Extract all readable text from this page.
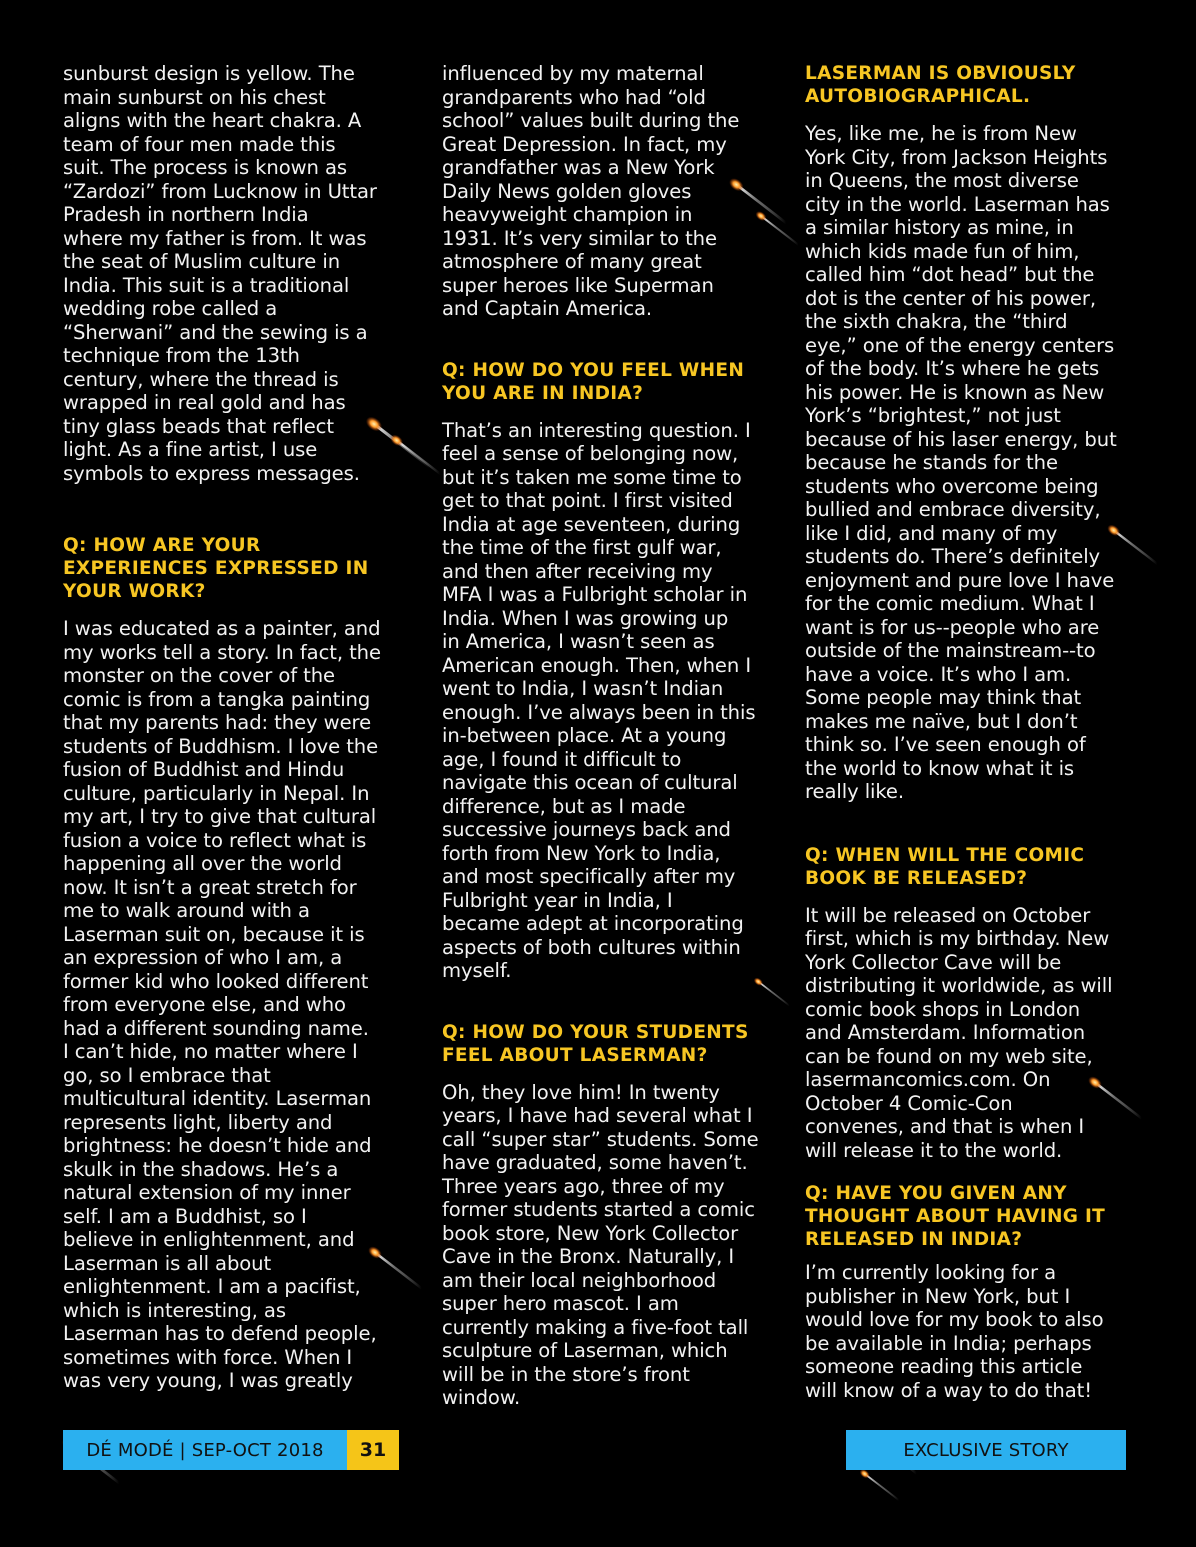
sunburst design is yellow. The
main sunburst on his chest
aligns with the heart chakra. A
team of four men made this
suit. The process is known as
“Zardozi” from Lucknow in Uttar
Pradesh in northern India
where my father is from. It was
the seat of Muslim culture in
India. This suit is a traditional
wedding robe called a
“Sherwani” and the sewing is a
technique from the 13th
century, where the thread is
wrapped in real gold and has
tiny glass beads that reflect
light. As a fine artist, I use
symbols to express messages.

Q: HOW ARE YOUR
EXPERIENCES EXPRESSED IN
YOUR WORK?

I was educated as a painter, and
my works tell a story. In fact, the
monster on the cover of the
comic is from a tangka painting
that my parents had: they were
students of Buddhism. I love the
fusion of Buddhist and Hindu
culture, particularly in Nepal. In
my art, I try to give that cultural
fusion a voice to reflect what is
happening all over the world
now. It isn’t a great stretch for
me to walk around with a
Laserman suit on, because it is
an expression of who I am, a
former kid who looked different
from everyone else, and who
had a different sounding name.
I can’t hide, no matter where I
go, so I embrace that
multicultural identity. Laserman
represents light, liberty and
brightness: he doesn’t hide and
skulk in the shadows. He’s a
natural extension of my inner
self. I am a Buddhist, so I
believe in enlightenment, and
Laserman is all about
enlightenment. I am a pacifist,
which is interesting, as
Laserman has to defend people,
sometimes with force. When I
was very young, I was greatly

influenced by my maternal
grandparents who had “old
school” values built during the
Great Depression. In fact, my
grandfather was a New York
Daily News golden gloves
heavyweight champion in
1931. It’s very similar to the
atmosphere of many great
super heroes like Superman
and Captain America.

Q: HOW DO YOU FEEL WHEN
YOU ARE IN INDIA?

That’s an interesting question. I
feel a sense of belonging now,
but it’s taken me some time to
get to that point. I first visited
India at age seventeen, during
the time of the first gulf war,
and then after receiving my
MFA I was a Fulbright scholar in
India. When I was growing up
in America, I wasn’t seen as
American enough. Then, when I
went to India, I wasn’t Indian
enough. I’ve always been in this
in-between place. At a young
age, I found it difficult to
navigate this ocean of cultural
difference, but as I made
successive journeys back and
forth from New York to India,
and most specifically after my
Fulbright year in India, I
became adept at incorporating
aspects of both cultures within
myself.

Q: HOW DO YOUR STUDENTS
FEEL ABOUT LASERMAN?

Oh, they love him! In twenty
years, I have had several what I
call “super star” students. Some
have graduated, some haven’t.
Three years ago, three of my
former students started a comic
book store, New York Collector
Cave in the Bronx. Naturally, I
am their local neighborhood
super hero mascot. I am
currently making a five-foot tall
sculpture of Laserman, which
will be in the store’s front
window.

LASERMAN IS OBVIOUSLY
AUTOBIOGRAPHICAL.

Yes, like me, he is from New
York City, from Jackson Heights
in Queens, the most diverse
city in the world. Laserman has
a similar history as mine, in
which kids made fun of him,
called him “dot head” but the
dot is the center of his power,
the sixth chakra, the “third
eye,” one of the energy centers
of the body. It’s where he gets
his power. He is known as New
York’s “brightest,” not just
because of his laser energy, but
because he stands for the
students who overcome being
bullied and embrace diversity,
like I did, and many of my
students do. There’s definitely
enjoyment and pure love I have
for the comic medium. What I
want is for us--people who are
outside of the mainstream--to
have a voice. It’s who I am.
Some people may think that
makes me naïve, but I don’t
think so. I’ve seen enough of
the world to know what it is
really like.

Q: WHEN WILL THE COMIC
BOOK BE RELEASED?

It will be released on October
first, which is my birthday. New
York Collector Cave will be
distributing it worldwide, as will
comic book shops in London
and Amsterdam. Information
can be found on my web site,
lasermancomics.com. On
October 4 Comic-Con
convenes, and that is when I
will release it to the world.

Q: HAVE YOU GIVEN ANY
THOUGHT ABOUT HAVING IT
RELEASED IN INDIA?

I’m currently looking for a
publisher in New York, but I
would love for my book to also
be available in India; perhaps
someone reading this article
will know of a way to do that!

DÉ MODÉ | SEP-OCT 2018	31	EXCLUSIVE STORY
